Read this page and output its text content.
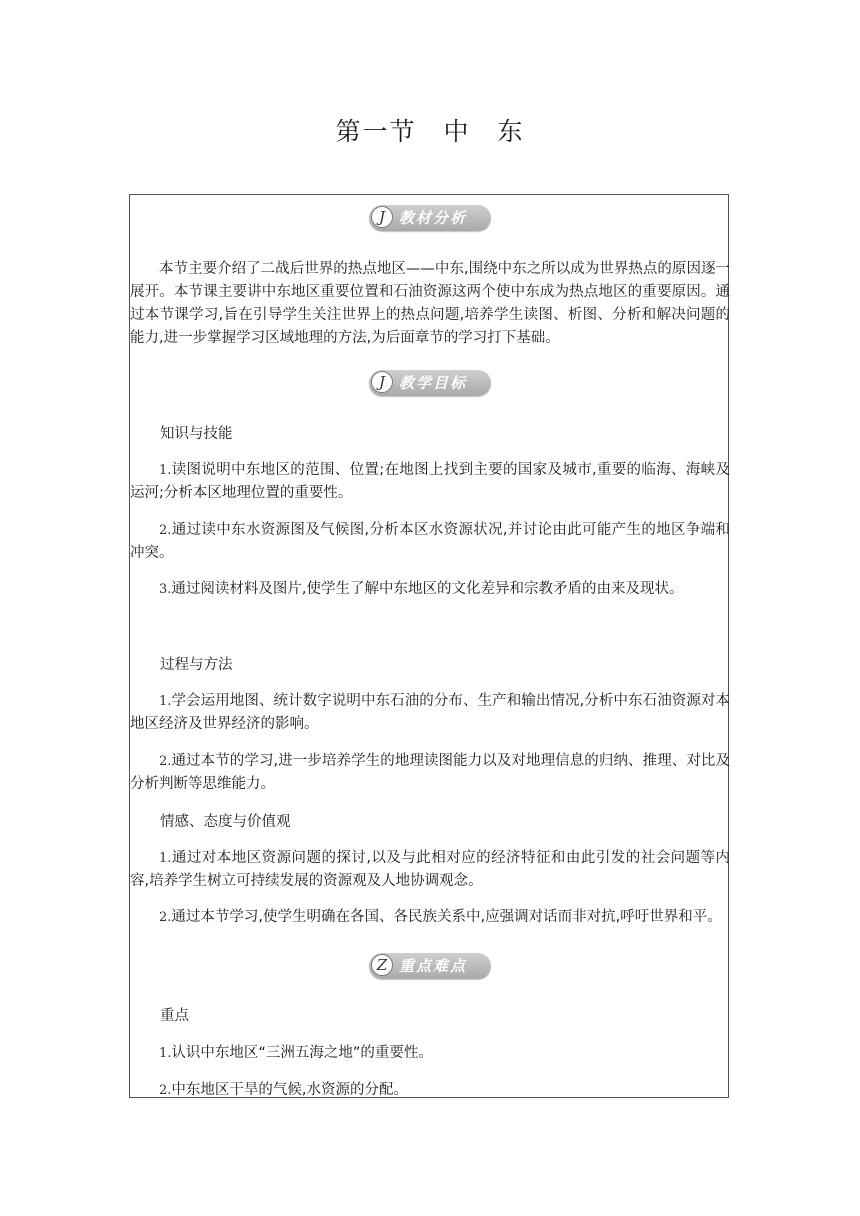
第一节　中　东
J 教材分析

本节主要介绍了二战后世界的热点地区——中东,围绕中东之所以成为世界热点的原因逐一展开。本节课主要讲中东地区重要位置和石油资源这两个使中东成为热点地区的重要原因。通过本节课学习,旨在引导学生关注世界上的热点问题,培养学生读图、析图、分析和解决问题的能力,进一步掌握学习区域地理的方法,为后面章节的学习打下基础。

J 教学目标

知识与技能

1.读图说明中东地区的范围、位置;在地图上找到主要的国家及城市,重要的临海、海峡及运河;分析本区地理位置的重要性。

2.通过读中东水资源图及气候图,分析本区水资源状况,并讨论由此可能产生的地区争端和冲突。

3.通过阅读材料及图片,使学生了解中东地区的文化差异和宗教矛盾的由来及现状。

过程与方法

1.学会运用地图、统计数字说明中东石油的分布、生产和输出情况,分析中东石油资源对本地区经济及世界经济的影响。

2.通过本节的学习,进一步培养学生的地理读图能力以及对地理信息的归纳、推理、对比及分析判断等思维能力。

情感、态度与价值观

1.通过对本地区资源问题的探讨,以及与此相对应的经济特征和由此引发的社会问题等内容,培养学生树立可持续发展的资源观及人地协调观念。

2.通过本节学习,使学生明确在各国、各民族关系中,应强调对话而非对抗,呼吁世界和平。

Z 重点难点

重点

1.认识中东地区“三洲五海之地”的重要性。

2.中东地区干旱的气候,水资源的分配。
